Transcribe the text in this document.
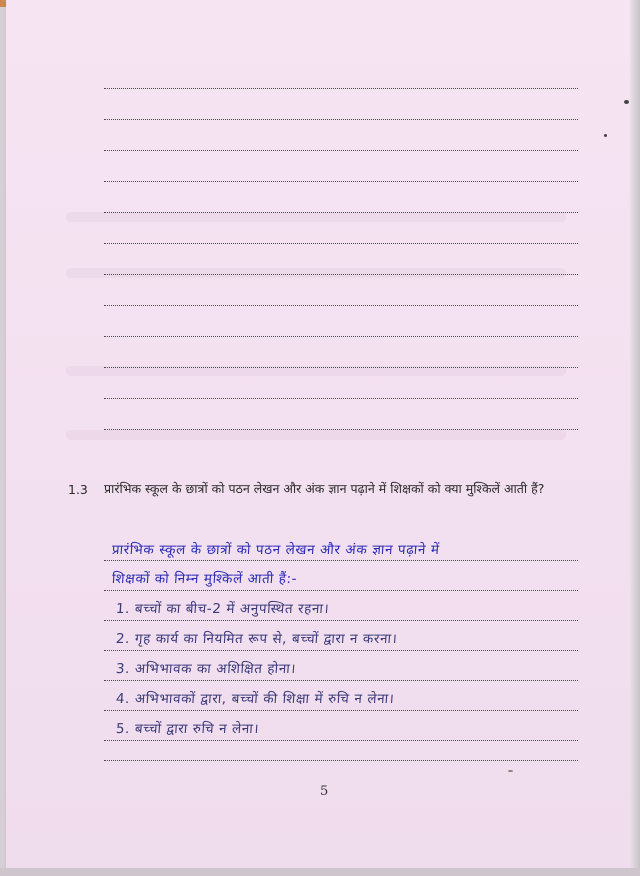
1.3 प्रारंभिक स्कूल के छात्रों को पठन लेखन और अंक ज्ञान पढ़ाने में शिक्षकों को क्या मुश्किलें आती हैं?
प्रारंभिक स्कूल के छात्रों को पठन लेखन और अंक ज्ञान पढ़ाने में
शिक्षकों को निम्न मुश्किलें आती हैं:-
1. बच्चों का बीच-2 में अनुपस्थित रहना।
2. गृह कार्य का नियमित रूप से, बच्चों द्वारा न करना।
3. अभिभावक का अशिक्षित होना।
4. अभिभावकों द्वारा, बच्चों की शिक्षा में रुचि न लेना।
5. बच्चों द्वारा रुचि न लेना।
5
